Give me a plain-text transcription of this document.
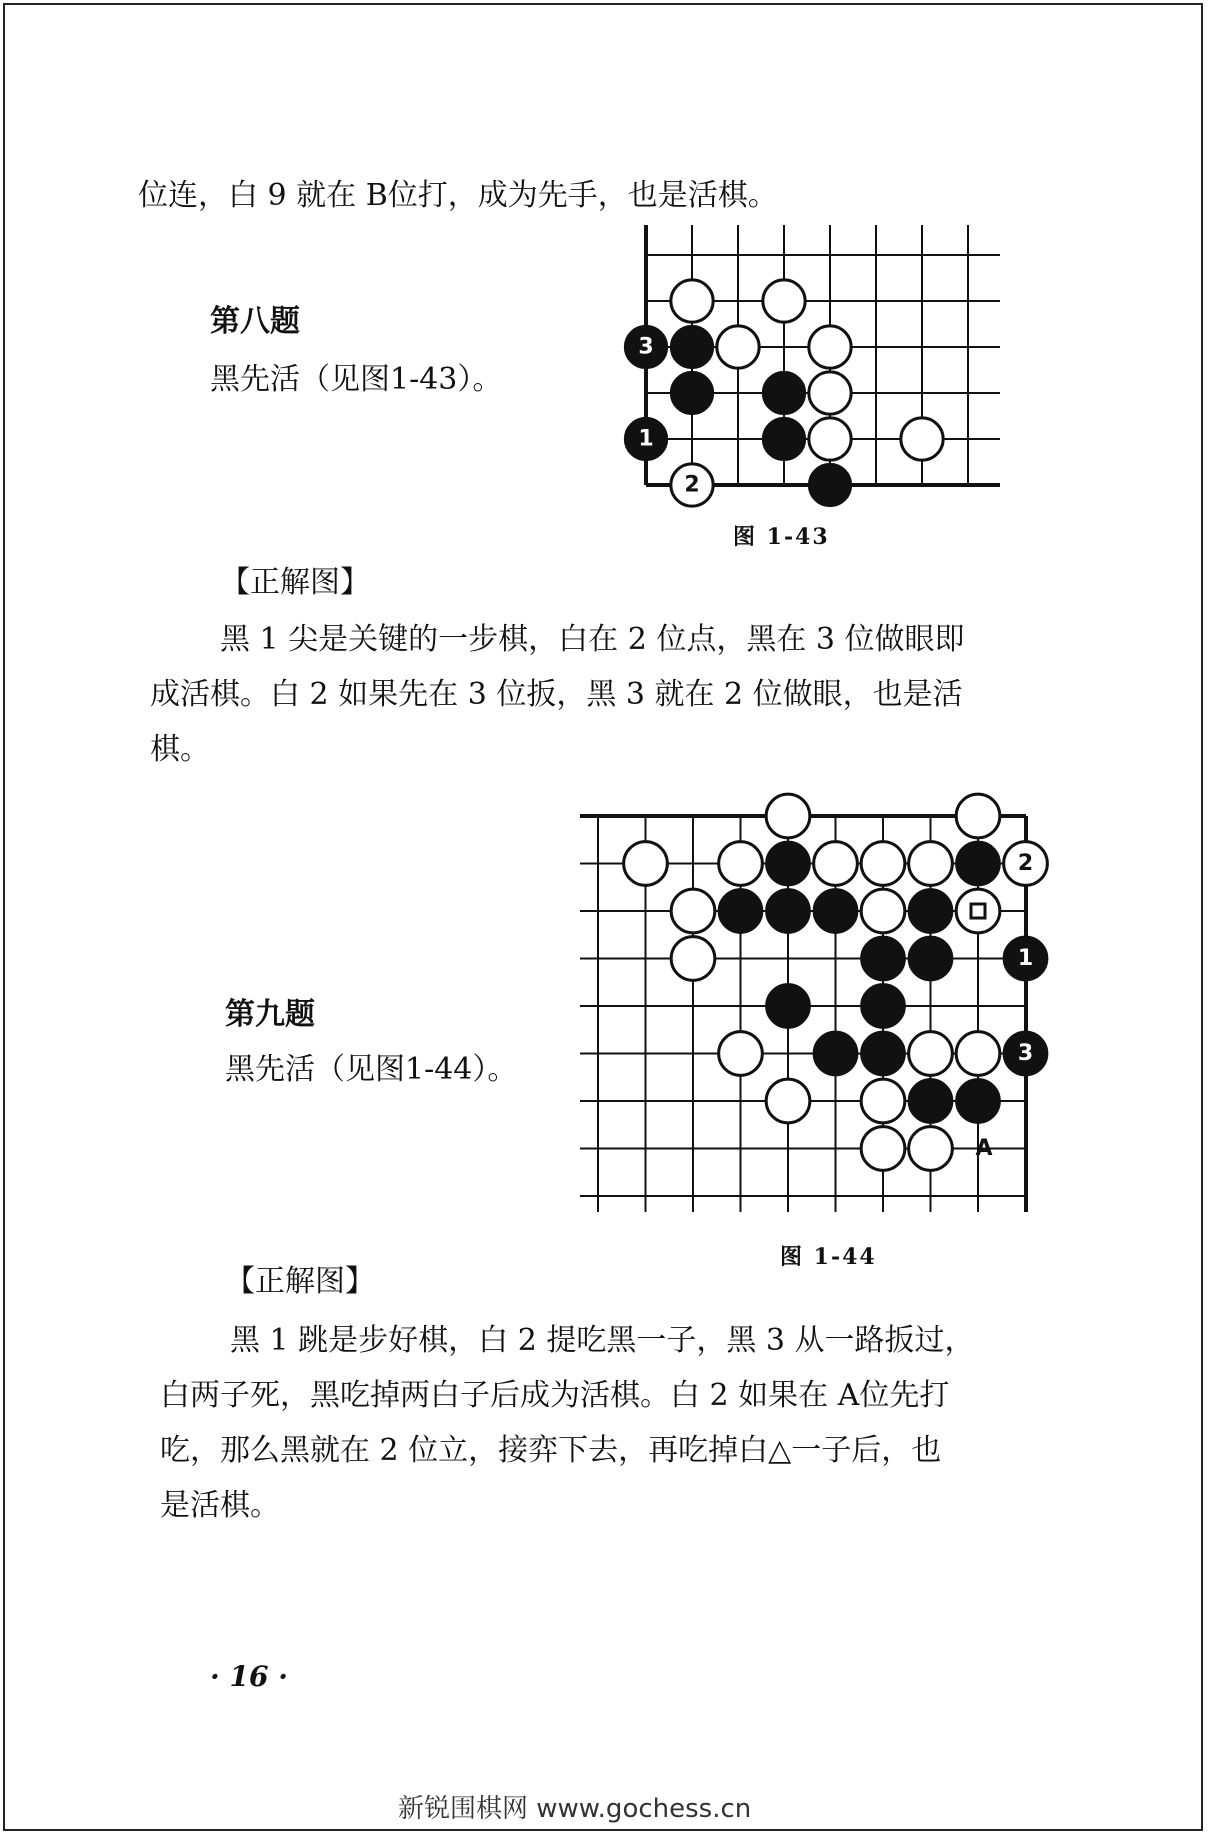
位连，白 9 就在 B位打，成为先手，也是活棋。
第八题
黑先活（见图1-43）。
3
1
2
图 1-43
【正解图】
黑 1 尖是关键的一步棋，白在 2 位点，黑在 3 位做眼即
成活棋。白 2 如果先在 3 位扳，黑 3 就在 2 位做眼，也是活
棋。
2
1
3
A
图 1-44
第九题
黑先活（见图1-44）。
【正解图】
黑 1 跳是步好棋，白 2 提吃黑一子，黑 3 从一路扳过，
白两子死，黑吃掉两白子后成为活棋。白 2 如果在 A位先打
吃，那么黑就在 2 位立，接弈下去，再吃掉白△一子后，也
是活棋。
· 16 ·
新锐围棋网 www.gochess.cn
